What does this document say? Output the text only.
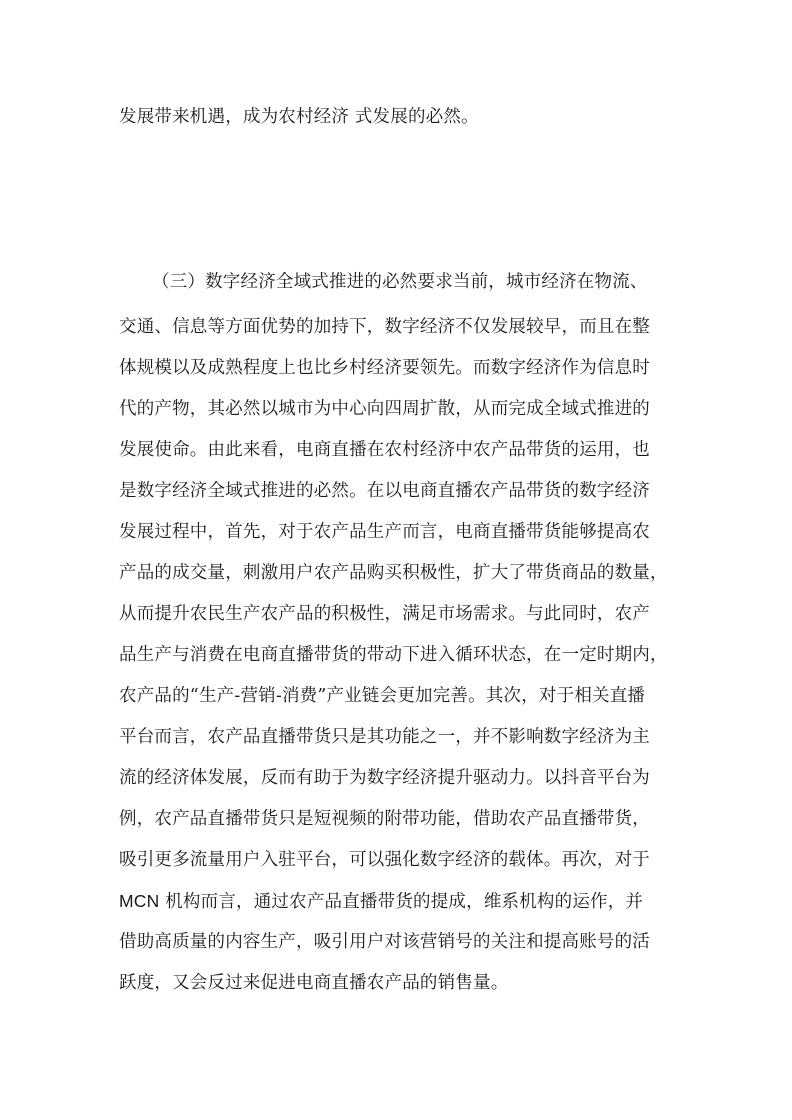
发展带来机遇，成为农村经济 式发展的必然。
（三）数字经济全域式推进的必然要求当前，城市经济在物流、
交通、信息等方面优势的加持下，数字经济不仅发展较早，而且在整
体规模以及成熟程度上也比乡村经济要领先。而数字经济作为信息时
代的产物，其必然以城市为中心向四周扩散，从而完成全域式推进的
发展使命。由此来看，电商直播在农村经济中农产品带货的运用，也
是数字经济全域式推进的必然。在以电商直播农产品带货的数字经济
发展过程中，首先，对于农产品生产而言，电商直播带货能够提高农
产品的成交量，刺激用户农产品购买积极性，扩大了带货商品的数量，
从而提升农民生产农产品的积极性，满足市场需求。与此同时，农产
品生产与消费在电商直播带货的带动下进入循环状态，在一定时期内，
农产品的“生产-营销-消费”产业链会更加完善。其次，对于相关直播
平台而言，农产品直播带货只是其功能之一，并不影响数字经济为主
流的经济体发展，反而有助于为数字经济提升驱动力。以抖音平台为
例，农产品直播带货只是短视频的附带功能，借助农产品直播带货，
吸引更多流量用户入驻平台，可以强化数字经济的载体。再次，对于
MCN 机构而言，通过农产品直播带货的提成，维系机构的运作，并
借助高质量的内容生产，吸引用户对该营销号的关注和提高账号的活
跃度，又会反过来促进电商直播农产品的销售量。
